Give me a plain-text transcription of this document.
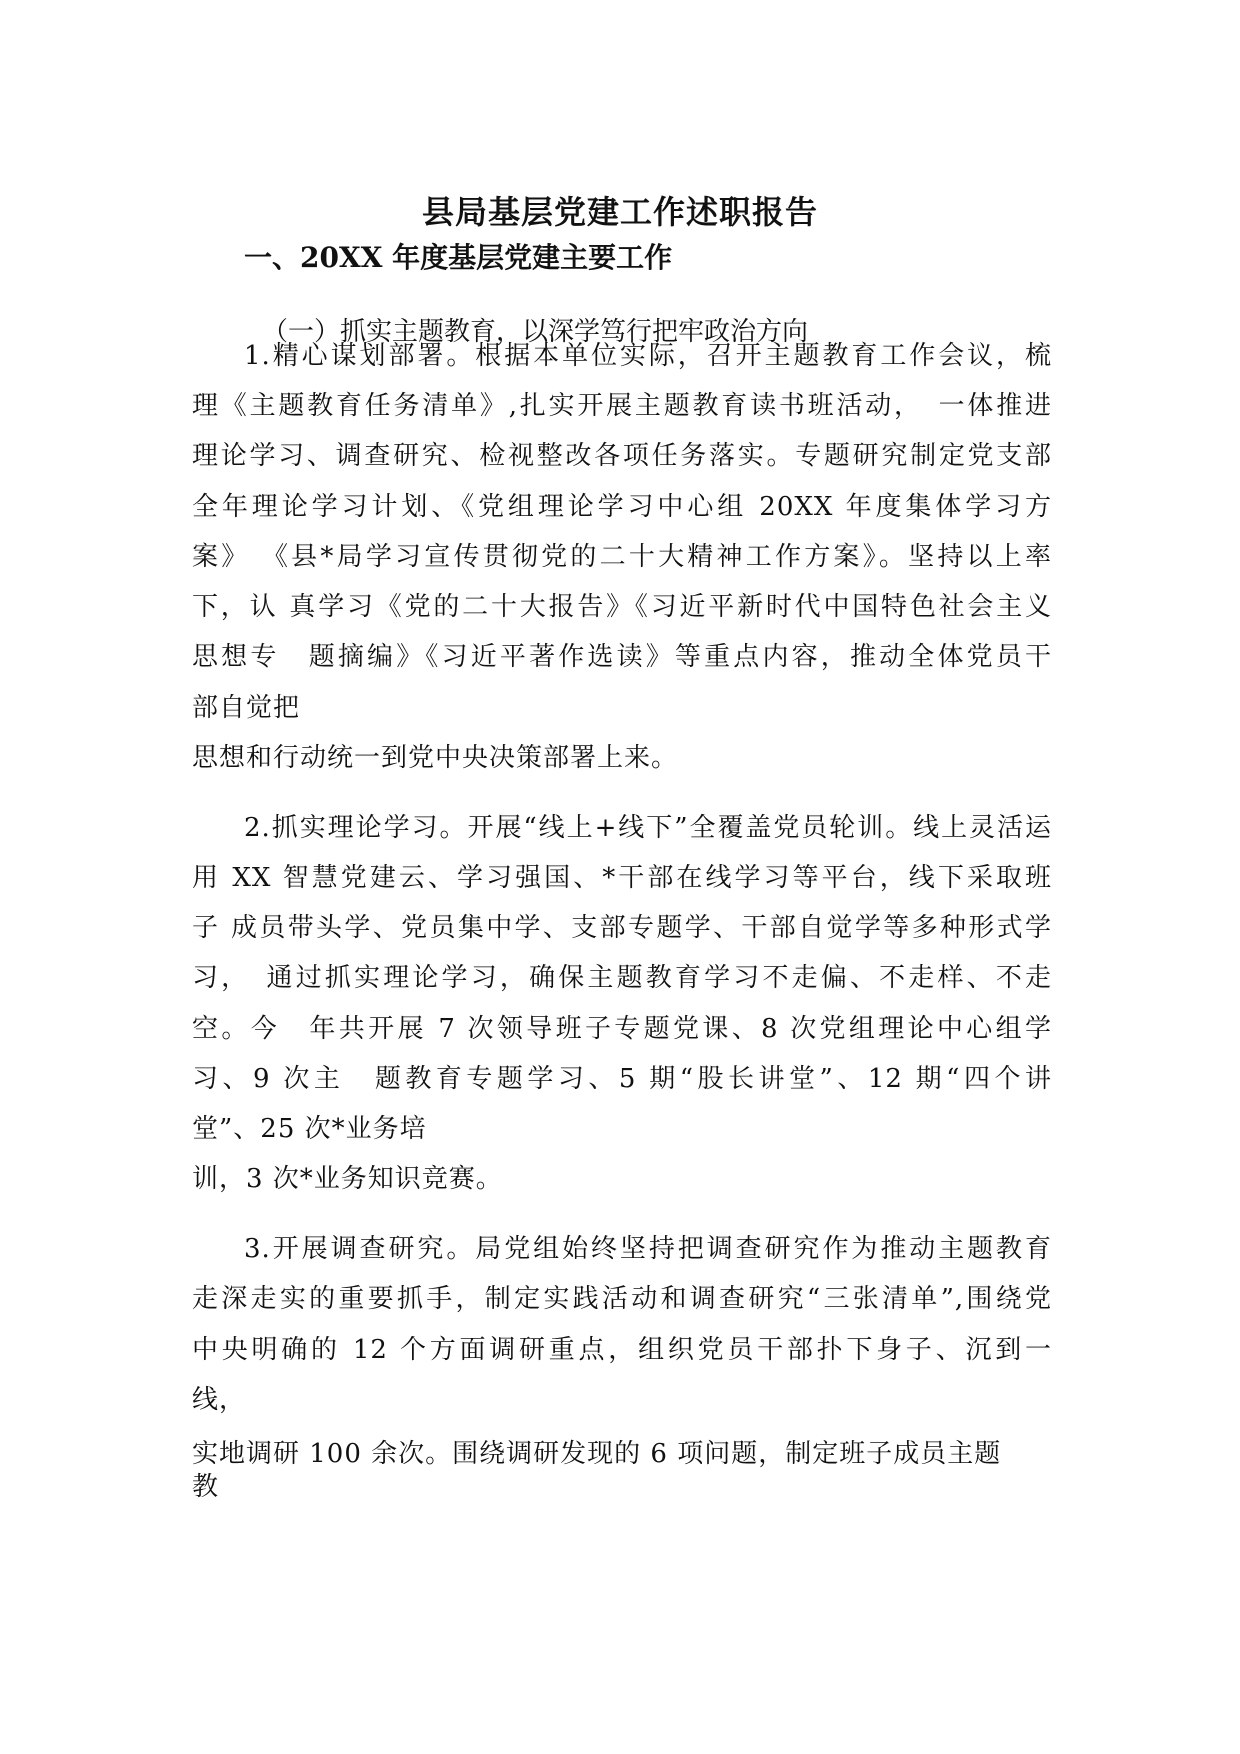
县局基层党建工作述职报告
一、20XX 年度基层党建主要工作
（一）抓实主题教育，以深学笃行把牢政治方向
1.精心谋划部署。根据本单位实际，召开主题教育工作会议，梳
理《主题教育任务清单》,扎实开展主题教育读书班活动，　一体推进
理论学习、调查研究、检视整改各项任务落实。专题研究制定党支部
全年理论学习计划、《党组理论学习中心组 20XX 年度集体学习方
案》 《县*局学习宣传贯彻党的二十大精神工作方案》。坚持以上率
下，认 真学习《党的二十大报告》《习近平新时代中国特色社会主义
思想专　题摘编》《习近平著作选读》等重点内容，推动全体党员干
部自觉把
思想和行动统一到党中央决策部署上来。
2.抓实理论学习。开展“线上+线下”全覆盖党员轮训。线上灵活运
用 XX 智慧党建云、学习强国、*干部在线学习等平台，线下采取班
子 成员带头学、党员集中学、支部专题学、干部自觉学等多种形式学
习，　通过抓实理论学习，确保主题教育学习不走偏、不走样、不走
空。今　年共开展 7 次领导班子专题党课、8 次党组理论中心组学
习、9 次主　题教育专题学习、5 期“股长讲堂”、12 期“四个讲
堂”、25 次*业务培
训，3 次*业务知识竞赛。
3.开展调查研究。局党组始终坚持把调查研究作为推动主题教育
走深走实的重要抓手，制定实践活动和调查研究“三张清单”,围绕党
中央明确的 12 个方面调研重点，组织党员干部扑下身子、沉到一
线，
实地调研 100 余次。围绕调研发现的 6 项问题，制定班子成员主题
教
